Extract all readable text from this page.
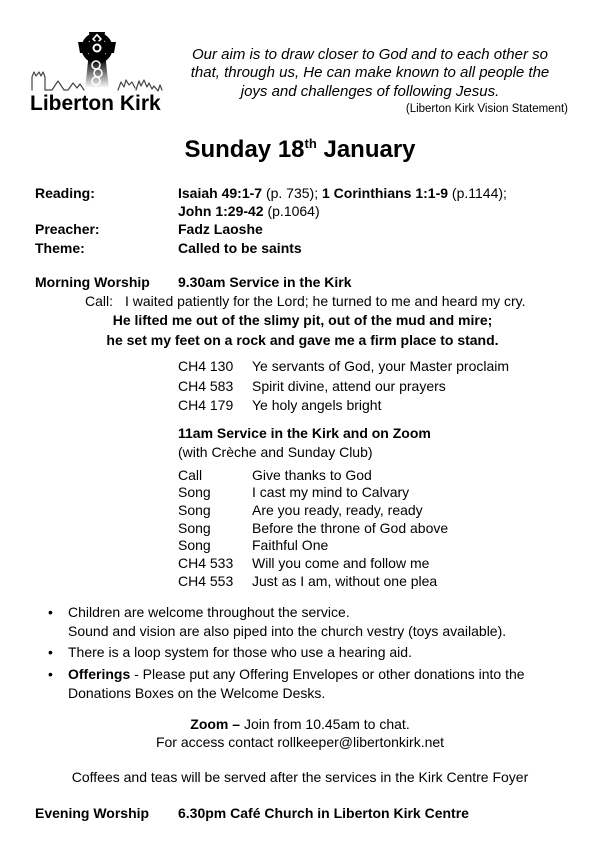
Liberton Kirk
Our aim is to draw closer to God and to each other so
that, through us, He can make known to all people the
joys and challenges of following Jesus.
(Liberton Kirk Vision Statement)
Sunday 18th January
Reading:	Isaiah 49:1-7 (p. 735); 1 Corinthians 1:1-9 (p.1144);
John 1:29-42 (p.1064)
Preacher:	Fadz Laoshe
Theme:	Called to be saints
Morning Worship	9.30am Service in the Kirk
Call: I waited patiently for the Lord; he turned to me and heard my cry.
He lifted me out of the slimy pit, out of the mud and mire;
he set my feet on a rock and gave me a firm place to stand.
CH4 130	Ye servants of God, your Master proclaim
CH4 583	Spirit divine, attend our prayers
CH4 179	Ye holy angels bright
11am Service in the Kirk and on Zoom
(with Crèche and Sunday Club)
Call	Give thanks to God
Song	I cast my mind to Calvary
Song	Are you ready, ready, ready
Song	Before the throne of God above
Song	Faithful One
CH4 533	Will you come and follow me
CH4 553	Just as I am, without one plea
•
Children are welcome throughout the service.
Sound and vision are also piped into the church vestry (toys available).
•
There is a loop system for those who use a hearing aid.
•
Offerings - Please put any Offering Envelopes or other donations into the
Donations Boxes on the Welcome Desks.
Zoom – Join from 10.45am to chat.
For access contact rollkeeper@libertonkirk.net
Coffees and teas will be served after the services in the Kirk Centre Foyer
Evening Worship	6.30pm Café Church in Liberton Kirk Centre
